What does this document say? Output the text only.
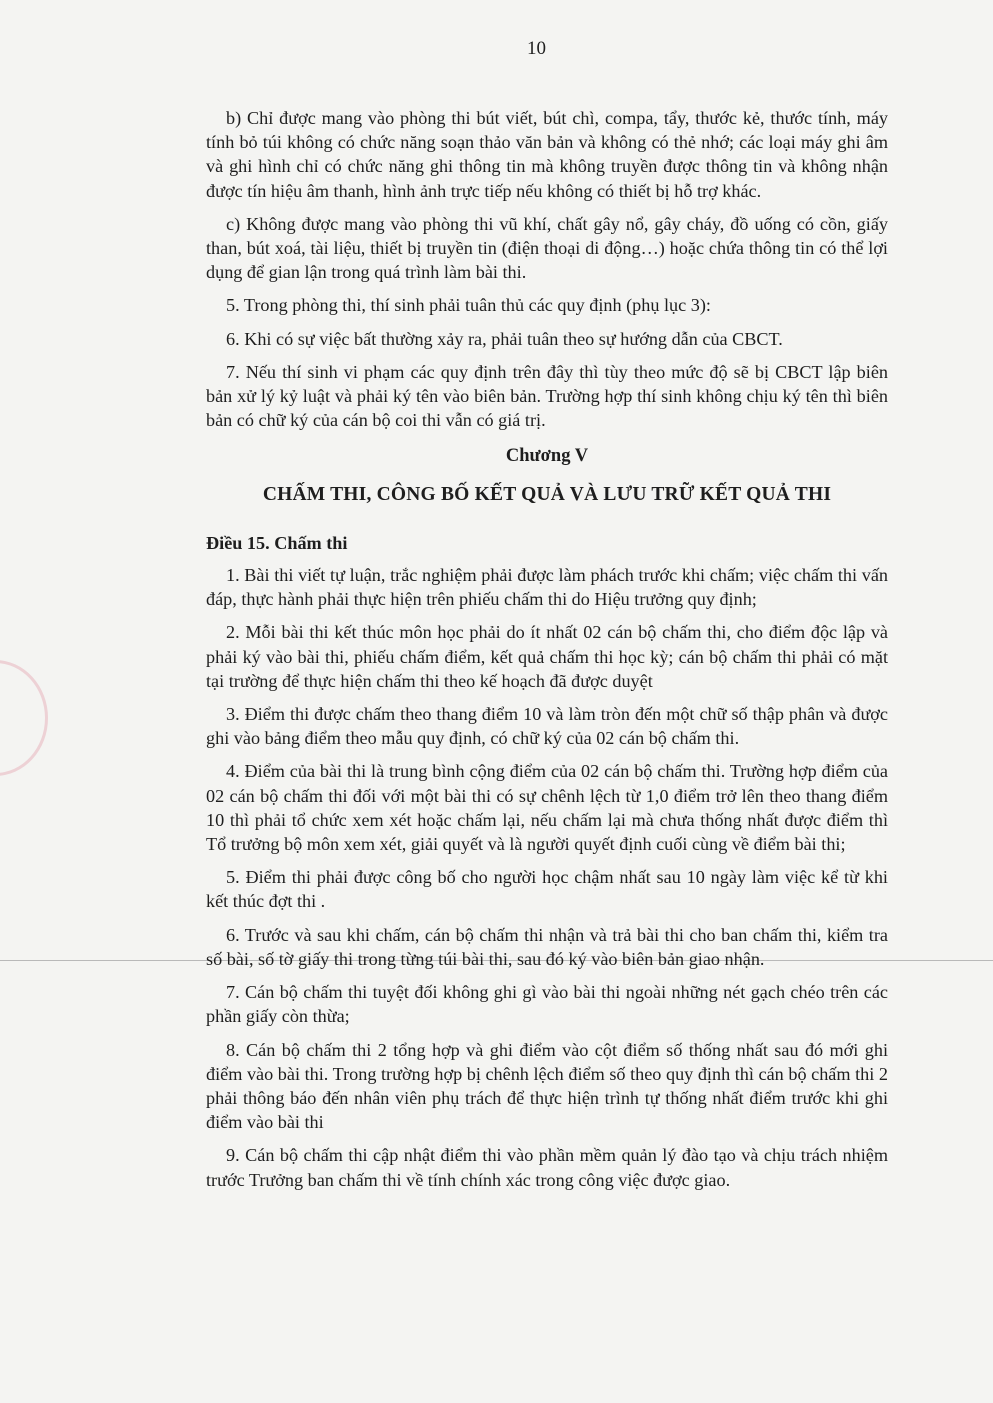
10

b) Chỉ được mang vào phòng thi bút viết, bút chì, compa, tẩy, thước kẻ, thước tính, máy tính bỏ túi không có chức năng soạn thảo văn bản và không có thẻ nhớ; các loại máy ghi âm và ghi hình chỉ có chức năng ghi thông tin mà không truyền được thông tin và không nhận được tín hiệu âm thanh, hình ảnh trực tiếp nếu không có thiết bị hỗ trợ khác.

c) Không được mang vào phòng thi vũ khí, chất gây nổ, gây cháy, đồ uống có cồn, giấy than, bút xoá, tài liệu, thiết bị truyền tin (điện thoại di động…) hoặc chứa thông tin có thể lợi dụng để gian lận trong quá trình làm bài thi.

5. Trong phòng thi, thí sinh phải tuân thủ các quy định (phụ lục 3):

6. Khi có sự việc bất thường xảy ra, phải tuân theo sự hướng dẫn của CBCT.

7. Nếu thí sinh vi phạm các quy định trên đây thì tùy theo mức độ sẽ bị CBCT lập biên bản xử lý kỷ luật và phải ký tên vào biên bản. Trường hợp thí sinh không chịu ký tên thì biên bản có chữ ký của cán bộ coi thi vẫn có giá trị.

Chương V

CHẤM THI, CÔNG BỐ KẾT QUẢ VÀ LƯU TRỮ KẾT QUẢ THI

Điều 15. Chấm thi

1. Bài thi viết tự luận, trắc nghiệm phải được làm phách trước khi chấm; việc chấm thi vấn đáp, thực hành phải thực hiện trên phiếu chấm thi do Hiệu trưởng quy định;

2. Mỗi bài thi kết thúc môn học phải do ít nhất 02 cán bộ chấm thi, cho điểm độc lập và phải ký vào bài thi, phiếu chấm điểm, kết quả chấm thi học kỳ; cán bộ chấm thi phải có mặt tại trường để thực hiện chấm thi theo kế hoạch đã được duyệt

3. Điểm thi được chấm theo thang điểm 10 và làm tròn đến một chữ số thập phân và được ghi vào bảng điểm theo mẫu quy định, có chữ ký của 02 cán bộ chấm thi.

4. Điểm của bài thi là trung bình cộng điểm của 02 cán bộ chấm thi. Trường hợp điểm của 02 cán bộ chấm thi đối với một bài thi có sự chênh lệch từ 1,0 điểm trở lên theo thang điểm 10 thì phải tổ chức xem xét hoặc chấm lại, nếu chấm lại mà chưa thống nhất được điểm thì Tổ trưởng bộ môn xem xét, giải quyết và là người quyết định cuối cùng về điểm bài thi;

5. Điểm thi phải được công bố cho người học chậm nhất sau 10 ngày làm việc kể từ khi kết thúc đợt thi .

6. Trước và sau khi chấm, cán bộ chấm thi nhận và trả bài thi cho ban chấm thi, kiểm tra số bài, số tờ giấy thi trong từng túi bài thi, sau đó ký vào biên bản giao nhận.

7. Cán bộ chấm thi tuyệt đối không ghi gì vào bài thi ngoài những nét gạch chéo trên các phần giấy còn thừa;

8. Cán bộ chấm thi 2 tổng hợp và ghi điểm vào cột điểm số thống nhất sau đó mới ghi điểm vào bài thi. Trong trường hợp bị chênh lệch điểm số theo quy định thì cán bộ chấm thi 2 phải thông báo đến nhân viên phụ trách để thực hiện trình tự thống nhất điểm trước khi ghi điểm vào bài thi

9. Cán bộ chấm thi cập nhật điểm thi vào phần mềm quản lý đào tạo và chịu trách nhiệm trước Trưởng ban chấm thi về tính chính xác trong công việc được giao.
